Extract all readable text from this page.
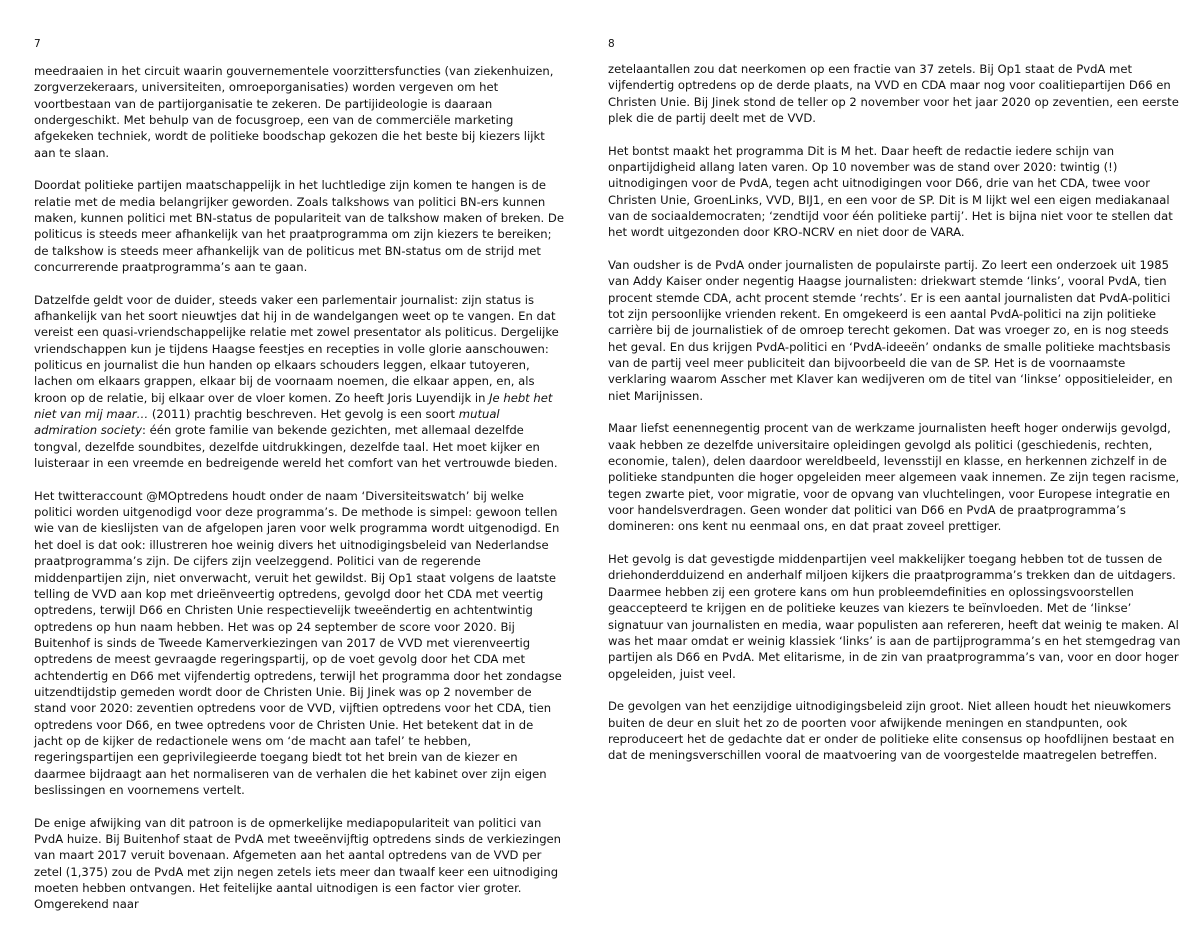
7

meedraaien in het circuit waarin gouvernementele voorzittersfuncties (van ziekenhuizen, zorgverzekeraars, universiteiten, omroeporganisaties) worden vergeven om het voortbestaan van de partijorganisatie te zekeren. De partijideologie is daaraan ondergeschikt. Met behulp van de focusgroep, een van de commerciële marketing afgekeken techniek, wordt de politieke boodschap gekozen die het beste bij kiezers lijkt aan te slaan.

Doordat politieke partijen maatschappelijk in het luchtledige zijn komen te hangen is de relatie met de media belangrijker geworden. Zoals talkshows van politici BN-ers kunnen maken, kunnen politici met BN-status de populariteit van de talkshow maken of breken. De politicus is steeds meer afhankelijk van het praatprogramma om zijn kiezers te bereiken; de talkshow is steeds meer afhankelijk van de politicus met BN-status om de strijd met concurrerende praatprogramma’s aan te gaan.

Datzelfde geldt voor de duider, steeds vaker een parlementair journalist: zijn status is afhankelijk van het soort nieuwtjes dat hij in de wandelgangen weet op te vangen. En dat vereist een quasi-vriendschappelijke relatie met zowel presentator als politicus. Dergelijke vriendschappen kun je tijdens Haagse feestjes en recepties in volle glorie aanschouwen: politicus en journalist die hun handen op elkaars schouders leggen, elkaar tutoyeren, lachen om elkaars grappen, elkaar bij de voornaam noemen, die elkaar appen, en, als kroon op de relatie, bij elkaar over de vloer komen. Zo heeft Joris Luyendijk in Je hebt het niet van mij maar… (2011) prachtig beschreven. Het gevolg is een soort mutual admiration society: één grote familie van bekende gezichten, met allemaal dezelfde tongval, dezelfde soundbites, dezelfde uitdrukkingen, dezelfde taal. Het moet kijker en luisteraar in een vreemde en bedreigende wereld het comfort van het vertrouwde bieden.

Het twitteraccount @MOptredens houdt onder de naam ‘Diversiteitswatch’ bij welke politici worden uitgenodigd voor deze programma’s. De methode is simpel: gewoon tellen wie van de kieslijsten van de afgelopen jaren voor welk programma wordt uitgenodigd. En het doel is dat ook: illustreren hoe weinig divers het uitnodigingsbeleid van Nederlandse praatprogramma’s zijn. De cijfers zijn veelzeggend. Politici van de regerende middenpartijen zijn, niet onverwacht, veruit het gewildst. Bij Op1 staat volgens de laatste telling de VVD aan kop met drieënveertig optredens, gevolgd door het CDA met veertig optredens, terwijl D66 en Christen Unie respectievelijk tweeëndertig en achtentwintig optredens op hun naam hebben. Het was op 24 september de score voor 2020. Bij Buitenhof is sinds de Tweede Kamerverkiezingen van 2017 de VVD met vierenveertig optredens de meest gevraagde regeringspartij, op de voet gevolg door het CDA met achtendertig en D66 met vijfendertig optredens, terwijl het programma door het zondagse uitzendtijdstip gemeden wordt door de Christen Unie. Bij Jinek was op 2 november de stand voor 2020: zeventien optredens voor de VVD, vijftien optredens voor het CDA, tien optredens voor D66, en twee optredens voor de Christen Unie. Het betekent dat in de jacht op de kijker de redactionele wens om ‘de macht aan tafel’ te hebben, regeringspartijen een geprivilegieerde toegang biedt tot het brein van de kiezer en daarmee bijdraagt aan het normaliseren van de verhalen die het kabinet over zijn eigen beslissingen en voornemens vertelt.

De enige afwijking van dit patroon is de opmerkelijke mediapopulariteit van politici van PvdA huize. Bij Buitenhof staat de PvdA met tweeënvijftig optredens sinds de verkiezingen van maart 2017 veruit bovenaan. Afgemeten aan het aantal optredens van de VVD per zetel (1,375) zou de PvdA met zijn negen zetels iets meer dan twaalf keer een uitnodiging moeten hebben ontvangen. Het feitelijke aantal uitnodigen is een factor vier groter. Omgerekend naar

8

zetelaantallen zou dat neerkomen op een fractie van 37 zetels. Bij Op1 staat de PvdA met vijfendertig optredens op de derde plaats, na VVD en CDA maar nog voor coalitiepartijen D66 en Christen Unie. Bij Jinek stond de teller op 2 november voor het jaar 2020 op zeventien, een eerste plek die de partij deelt met de VVD.

Het bontst maakt het programma Dit is M het. Daar heeft de redactie iedere schijn van onpartijdigheid allang laten varen. Op 10 november was de stand over 2020: twintig (!) uitnodigingen voor de PvdA, tegen acht uitnodigingen voor D66, drie van het CDA, twee voor Christen Unie, GroenLinks, VVD, BIJ1, en een voor de SP. Dit is M lijkt wel een eigen mediakanaal van de sociaaldemocraten; ‘zendtijd voor één politieke partij’. Het is bijna niet voor te stellen dat het wordt uitgezonden door KRO-NCRV en niet door de VARA.

Van oudsher is de PvdA onder journalisten de populairste partij. Zo leert een onderzoek uit 1985 van Addy Kaiser onder negentig Haagse journalisten: driekwart stemde ‘links’, vooral PvdA, tien procent stemde CDA, acht procent stemde ‘rechts’. Er is een aantal journalisten dat PvdA-politici tot zijn persoonlijke vrienden rekent. En omgekeerd is een aantal PvdA-politici na zijn politieke carrière bij de journalistiek of de omroep terecht gekomen. Dat was vroeger zo, en is nog steeds het geval. En dus krijgen PvdA-politici en ‘PvdA-ideeën’ ondanks de smalle politieke machtsbasis van de partij veel meer publiciteit dan bijvoorbeeld die van de SP. Het is de voornaamste verklaring waarom Asscher met Klaver kan wedijveren om de titel van ‘linkse’ oppositieleider, en niet Marijnissen.

Maar liefst eenennegentig procent van de werkzame journalisten heeft hoger onderwijs gevolgd, vaak hebben ze dezelfde universitaire opleidingen gevolgd als politici (geschiedenis, rechten, economie, talen), delen daardoor wereldbeeld, levensstijl en klasse, en herkennen zichzelf in de politieke standpunten die hoger opgeleiden meer algemeen vaak innemen. Ze zijn tegen racisme, tegen zwarte piet, voor migratie, voor de opvang van vluchtelingen, voor Europese integratie en voor handelsverdragen. Geen wonder dat politici van D66 en PvdA de praatprogramma’s domineren: ons kent nu eenmaal ons, en dat praat zoveel prettiger.

Het gevolg is dat gevestigde middenpartijen veel makkelijker toegang hebben tot de tussen de driehonderdduizend en anderhalf miljoen kijkers die praatprogramma’s trekken dan de uitdagers. Daarmee hebben zij een grotere kans om hun probleemdefinities en oplossingsvoorstellen geaccepteerd te krijgen en de politieke keuzes van kiezers te beïnvloeden. Met de ‘linkse’ signatuur van journalisten en media, waar populisten aan refereren, heeft dat weinig te maken. Al was het maar omdat er weinig klassiek ‘links’ is aan de partijprogramma’s en het stemgedrag van partijen als D66 en PvdA. Met elitarisme, in de zin van praatprogramma’s van, voor en door hoger opgeleiden, juist veel.

De gevolgen van het eenzijdige uitnodigingsbeleid zijn groot. Niet alleen houdt het nieuwkomers buiten de deur en sluit het zo de poorten voor afwijkende meningen en standpunten, ook reproduceert het de gedachte dat er onder de politieke elite consensus op hoofdlijnen bestaat en dat de meningsverschillen vooral de maatvoering van de voorgestelde maatregelen betreffen.
